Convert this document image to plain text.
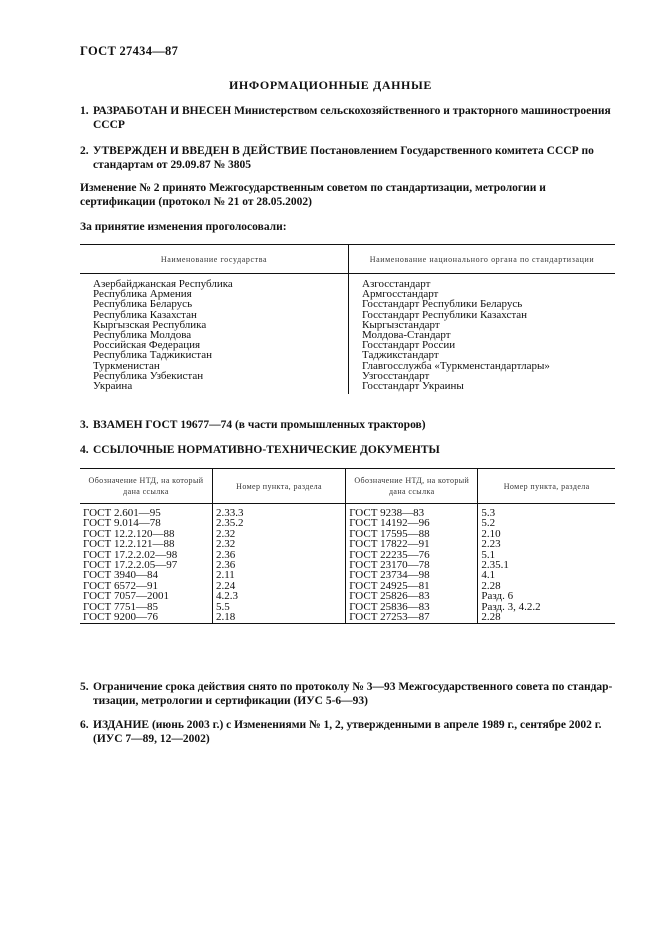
ГОСТ 27434—87
ИНФОРМАЦИОННЫЕ ДАННЫЕ
1. РАЗРАБОТАН И ВНЕСЕН Министерством сельскохозяйственного и тракторного машиностроения СССР
2. УТВЕРЖДЕН И ВВЕДЕН В ДЕЙСТВИЕ Постановлением Государственного комитета СССР по стандартам от 29.09.87 № 3805
Изменение № 2 принято Межгосударственным советом по стандартизации, метрологии и сертификации (протокол № 21 от 28.05.2002)
За принятие изменения проголосовали:
Наименование государства	Наименование национального органа по стандартизации
Азербайджанская Республика	Азгосстандарт
Республика Армения	Армгосстандарт
Республика Беларусь	Госстандарт Республики Беларусь
Республика Казахстан	Госстандарт Республики Казахстан
Кыргызская Республика	Кыргызстандарт
Республика Молдова	Молдова-Стандарт
Российская Федерация	Госстандарт России
Республика Таджикистан	Таджикстандарт
Туркменистан	Главгосслужба «Туркменстандартлары»
Республика Узбекистан	Узгосстандарт
Украина	Госстандарт Украины
3. ВЗАМЕН ГОСТ 19677—74 (в части промышленных тракторов)
4. ССЫЛОЧНЫЕ НОРМАТИВНО-ТЕХНИЧЕСКИЕ ДОКУМЕНТЫ
Обозначение НТД, на который дана ссылка	Номер пункта, раздела	Обозначение НТД, на который дана ссылка	Номер пункта, раздела
ГОСТ 2.601—95	2.33.3	ГОСТ 9238—83	5.3
ГОСТ 9.014—78	2.35.2	ГОСТ 14192—96	5.2
ГОСТ 12.2.120—88	2.32	ГОСТ 17595—88	2.10
ГОСТ 12.2.121—88	2.32	ГОСТ 17822—91	2.23
ГОСТ 17.2.2.02—98	2.36	ГОСТ 22235—76	5.1
ГОСТ 17.2.2.05—97	2.36	ГОСТ 23170—78	2.35.1
ГОСТ 3940—84	2.11	ГОСТ 23734—98	4.1
ГОСТ 6572—91	2.24	ГОСТ 24925—81	2.28
ГОСТ 7057—2001	4.2.3	ГОСТ 25826—83	Разд. 6
ГОСТ 7751—85	5.5	ГОСТ 25836—83	Разд. 3, 4.2.2
ГОСТ 9200—76	2.18	ГОСТ 27253—87	2.28
5. Ограничение срока действия снято по протоколу № 3—93 Межгосударственного совета по стандартизации, метрологии и сертификации (ИУС 5-6—93)
6. ИЗДАНИЕ (июнь 2003 г.) с Изменениями № 1, 2, утвержденными в апреле 1989 г., сентябре 2002 г. (ИУС 7—89, 12—2002)
